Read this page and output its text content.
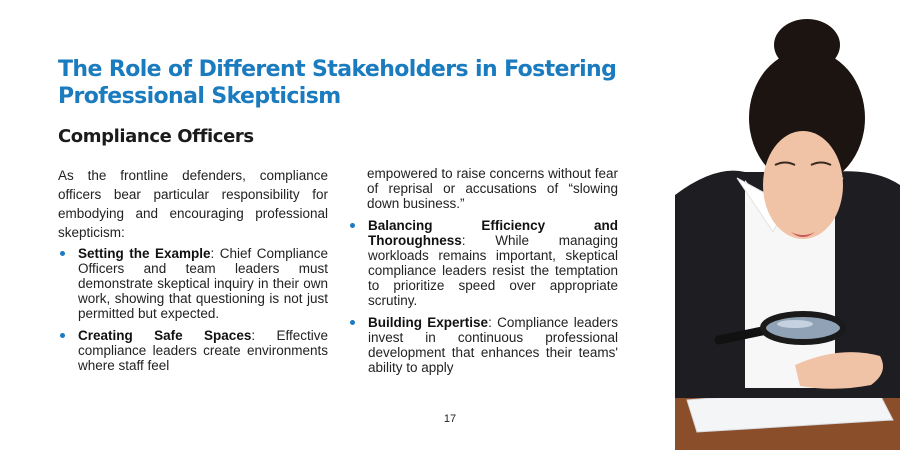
The Role of Different Stakeholders in Fostering Professional Skepticism
Compliance Officers

As the frontline defenders, compliance officers bear particular responsibility for embodying and encouraging professional skepticism:

Setting the Example: Chief Compliance Officers and team leaders must demonstrate skeptical inquiry in their own work, showing that questioning is not just permitted but expected.
Creating Safe Spaces: Effective compliance leaders create environments where staff feel

empowered to raise concerns without fear of reprisal or accusations of “slowing down business.”

Balancing Efficiency and Thoroughness: While managing workloads remains important, skeptical compliance leaders resist the temptation to prioritize speed over appropriate scrutiny.
Building Expertise: Compliance leaders invest in continuous professional development that enhances their teams' ability to apply
17
